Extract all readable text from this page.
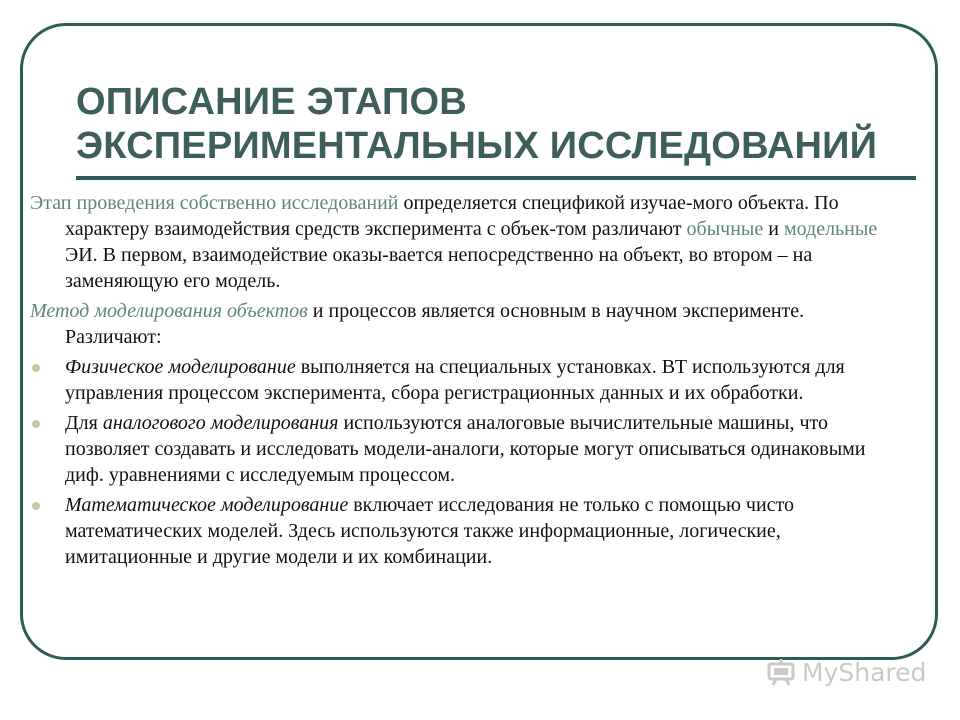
ОПИСАНИЕ ЭТАПОВ
ЭКСПЕРИМЕНТАЛЬНЫХ ИССЛЕДОВАНИЙ

Этап проведения собственно исследований определяется спецификой изучае-мого объекта. По характеру взаимодействия средств эксперимента с объек-том различают обычные и модельные ЭИ. В первом, взаимодействие оказы-вается непосредственно на объект, во втором – на заменяющую его модель.

Метод моделирования объектов и процессов является основным в научном эксперименте. Различают:

Физическое моделирование выполняется на специальных установках. ВТ используются для управления процессом эксперимента, сбора регистрационных данных и их обработки.
Для аналогового моделирования используются аналоговые вычислительные машины, что позволяет создавать и исследовать модели-аналоги, которые могут описываться одинаковыми диф. уравнениями с исследуемым процессом.
Математическое моделирование включает исследования не только с помощью чисто математических моделей. Здесь используются также информационные, логические, имитационные и другие модели и их комбинации.
MyShared
